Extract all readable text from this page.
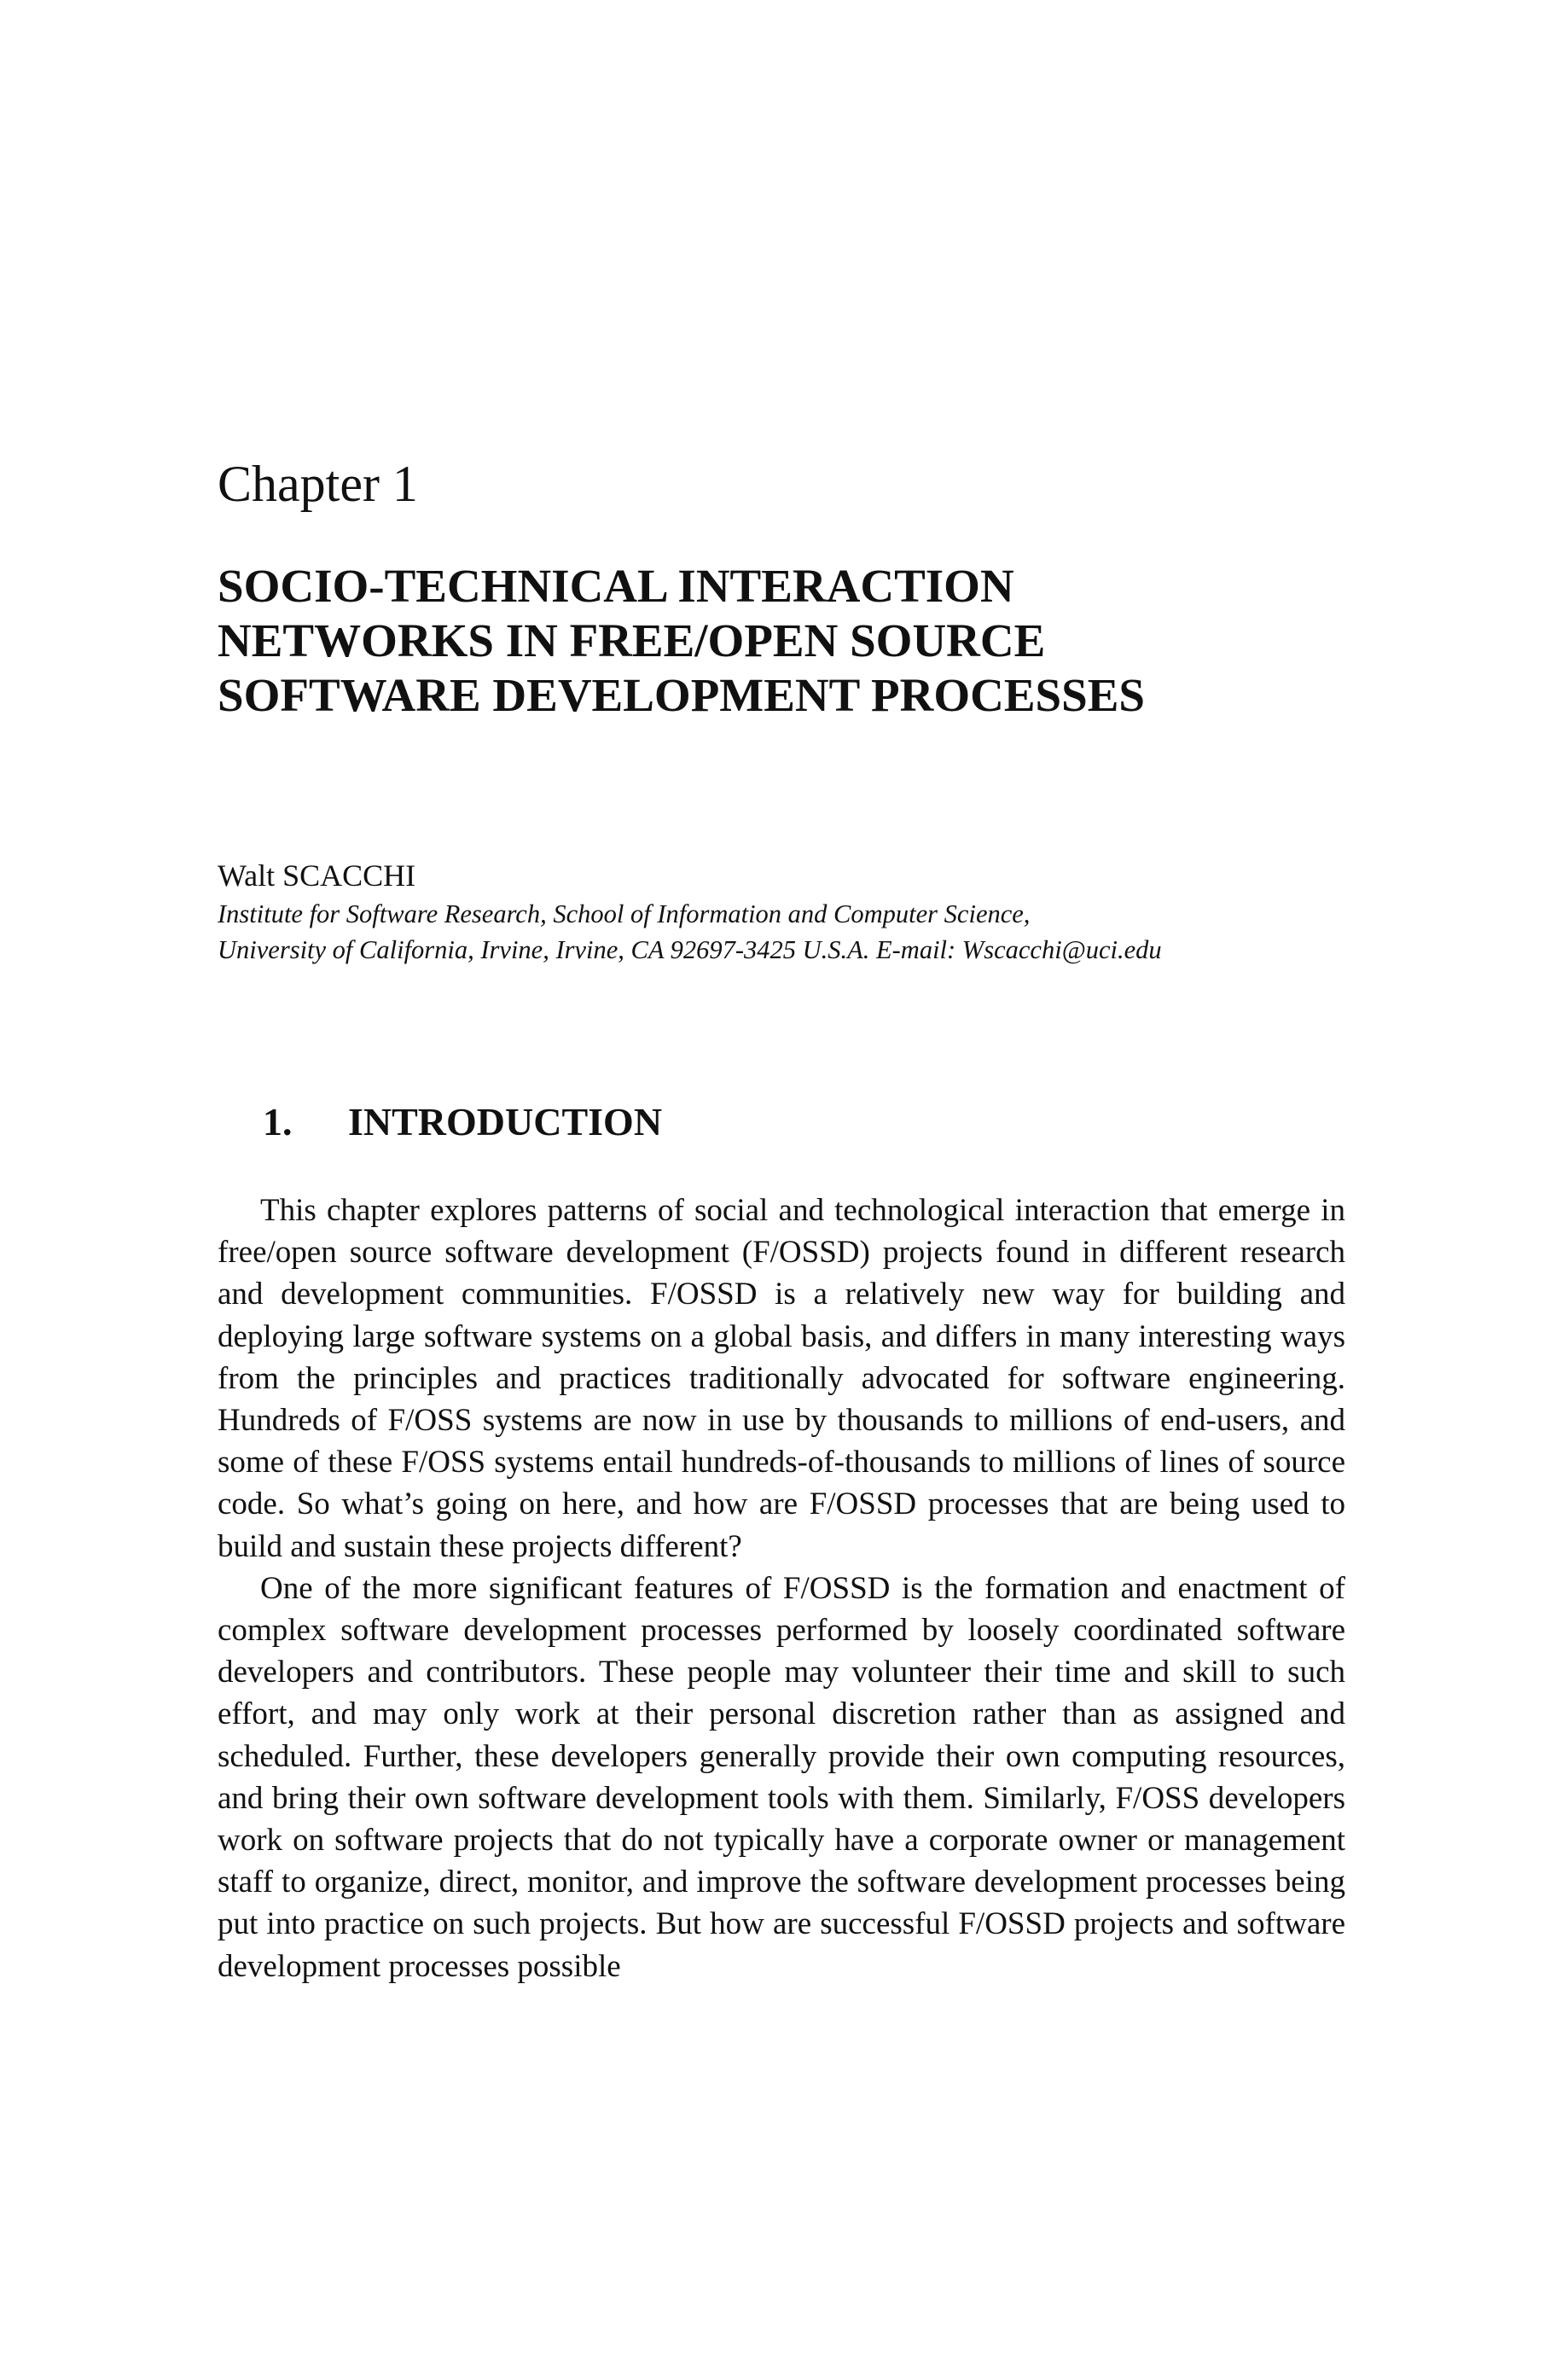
Chapter 1
SOCIO-TECHNICAL INTERACTION
NETWORKS IN FREE/OPEN SOURCE
SOFTWARE DEVELOPMENT PROCESSES
Walt SCACCHI
Institute for Software Research, School of Information and Computer Science,
University of California, Irvine, Irvine, CA 92697-3425 U.S.A. E-mail: Wscacchi@uci.edu
1. INTRODUCTION

This chapter explores patterns of social and technological interaction that emerge in free/open source software development (F/OSSD) projects found in different research and development communities. F/OSSD is a relatively new way for building and deploying large software systems on a global basis, and differs in many interesting ways from the principles and practices traditionally advocated for software engineering. Hundreds of F/OSS systems are now in use by thousands to millions of end-users, and some of these F/OSS systems entail hundreds-of-thousands to millions of lines of source code. So what’s going on here, and how are F/OSSD processes that are being used to build and sustain these projects different?

One of the more significant features of F/OSSD is the formation and enactment of complex software development processes performed by loosely coordinated software developers and contributors. These people may volunteer their time and skill to such effort, and may only work at their personal discretion rather than as assigned and scheduled. Further, these developers generally provide their own computing resources, and bring their own software development tools with them. Similarly, F/OSS developers work on software projects that do not typically have a corporate owner or management staff to organize, direct, monitor, and improve the software development processes being put into practice on such projects. But how are successful F/OSSD projects and software development processes possible
